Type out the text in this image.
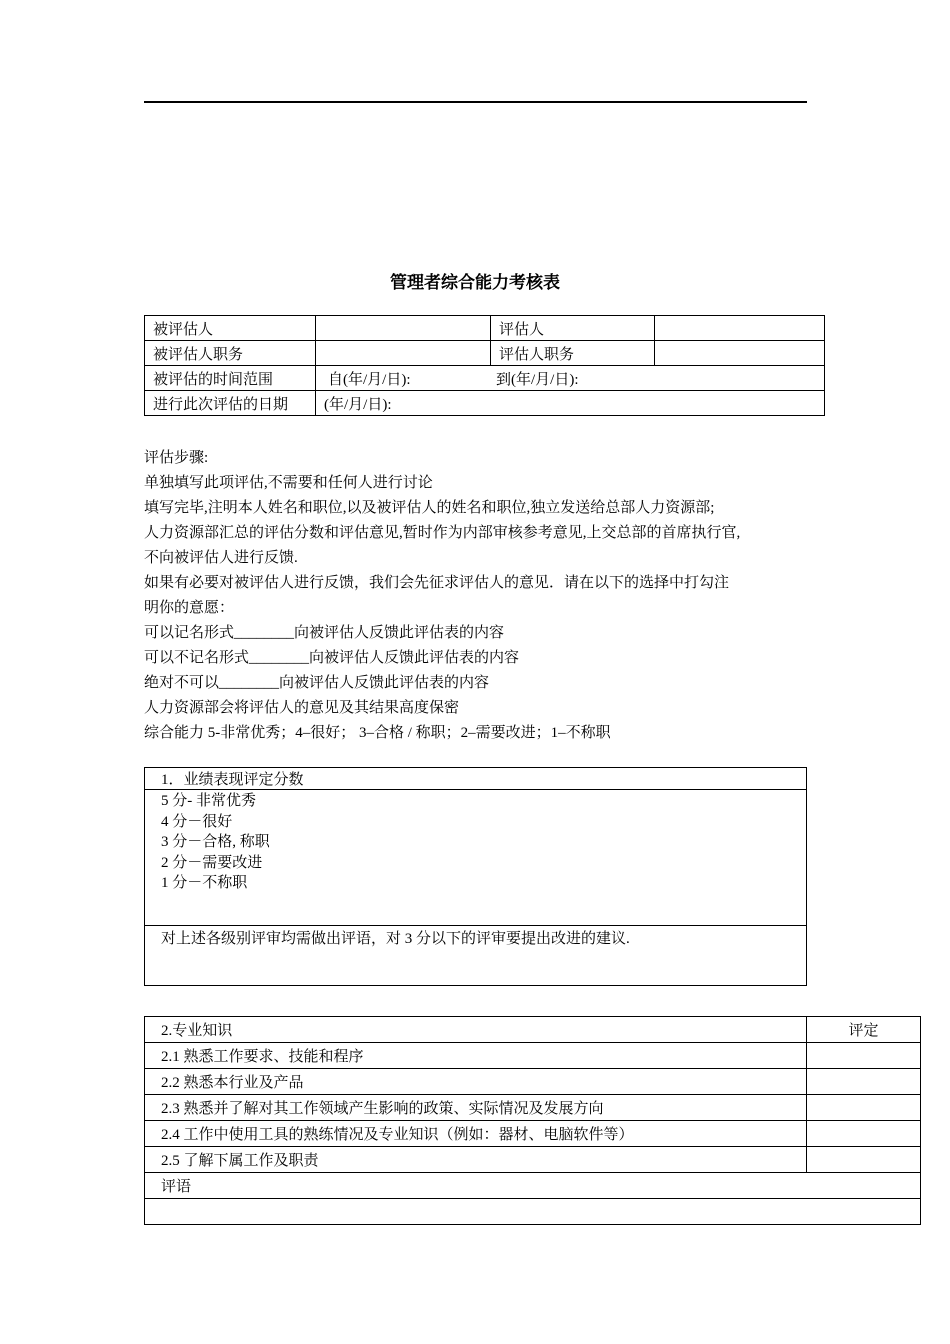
管理者综合能力考核表
被评估人		评估人	
被评估人职务		评估人职务	
被评估的时间范围	自(年/月/日): 到(年/月/日):		
进行此次评估的日期	(年/月/日):		

评估步骤:

单独填写此项评估,不需要和任何人进行讨论

填写完毕,注明本人姓名和职位,以及被评估人的姓名和职位,独立发送给总部人力资源部;

人力资源部汇总的评估分数和评估意见,暂时作为内部审核参考意见,上交总部的首席执行官,

不向被评估人进行反馈.

如果有必要对被评估人进行反馈，我们会先征求评估人的意见．请在以下的选择中打勾注

明你的意愿：

可以记名形式________向被评估人反馈此评估表的内容

可以不记名形式________向被评估人反馈此评估表的内容

绝对不可以________向被评估人反馈此评估表的内容

人力资源部会将评估人的意见及其结果高度保密

综合能力 5-非常优秀；4–很好； 3–合格 / 称职；2–需要改进；1–不称职

1．业绩表现评定分数

5 分- 非常优秀
4 分－很好
3 分－合格, 称职
2 分－需要改进
1 分－不称职

对上述各级别评审均需做出评语，对 3 分以下的评审要提出改进的建议.
2.专业知识	评定
2.1 熟悉工作要求、技能和程序	
2.2 熟悉本行业及产品	
2.3 熟悉并了解对其工作领域产生影响的政策、实际情况及发展方向	
2.4 工作中使用工具的熟练情况及专业知识（例如：器材、电脑软件等）	
2.5 了解下属工作及职责	
评语	
